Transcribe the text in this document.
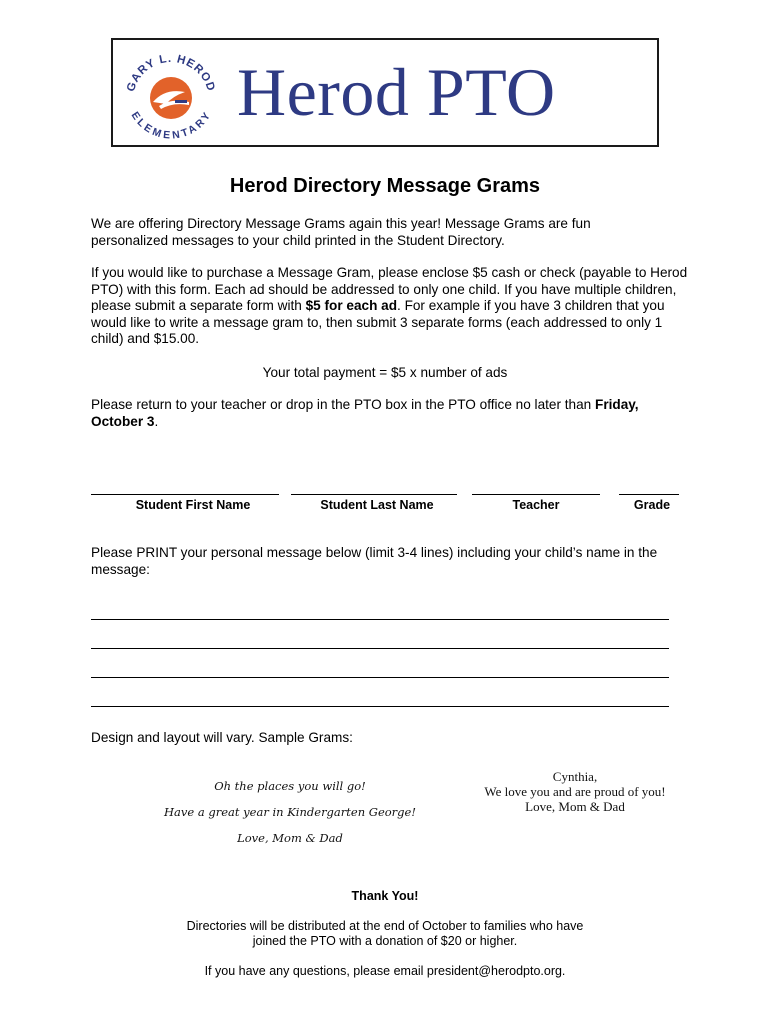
GARY L. HEROD
ELEMENTARY Herod PTO
Herod Directory Message Grams
We are offering Directory Message Grams again this year! Message Grams are fun personalized messages to your child printed in the Student Directory.
If you would like to purchase a Message Gram, please enclose $5 cash or check (payable to Herod PTO) with this form. Each ad should be addressed to only one child. If you have multiple children, please submit a separate form with $5 for each ad. For example if you have 3 children that you would like to write a message gram to, then submit 3 separate forms (each addressed to only 1 child) and $15.00.
Your total payment = $5 x number of ads
Please return to your teacher or drop in the PTO box in the PTO office no later than Friday, October 3.
Student First Name	Student Last Name	Teacher	Grade
Please PRINT your personal message below (limit 3-4 lines) including your child’s name in the message:
Design and layout will vary. Sample Grams:
Oh the places you will go!
Have a great year in Kindergarten George!
Love, Mom & Dad
Cynthia,
We love you and are proud of you!
Love, Mom & Dad
Thank You!
Directories will be distributed at the end of October to families who have joined the PTO with a donation of $20 or higher.
If you have any questions, please email president@herodpto.org.
